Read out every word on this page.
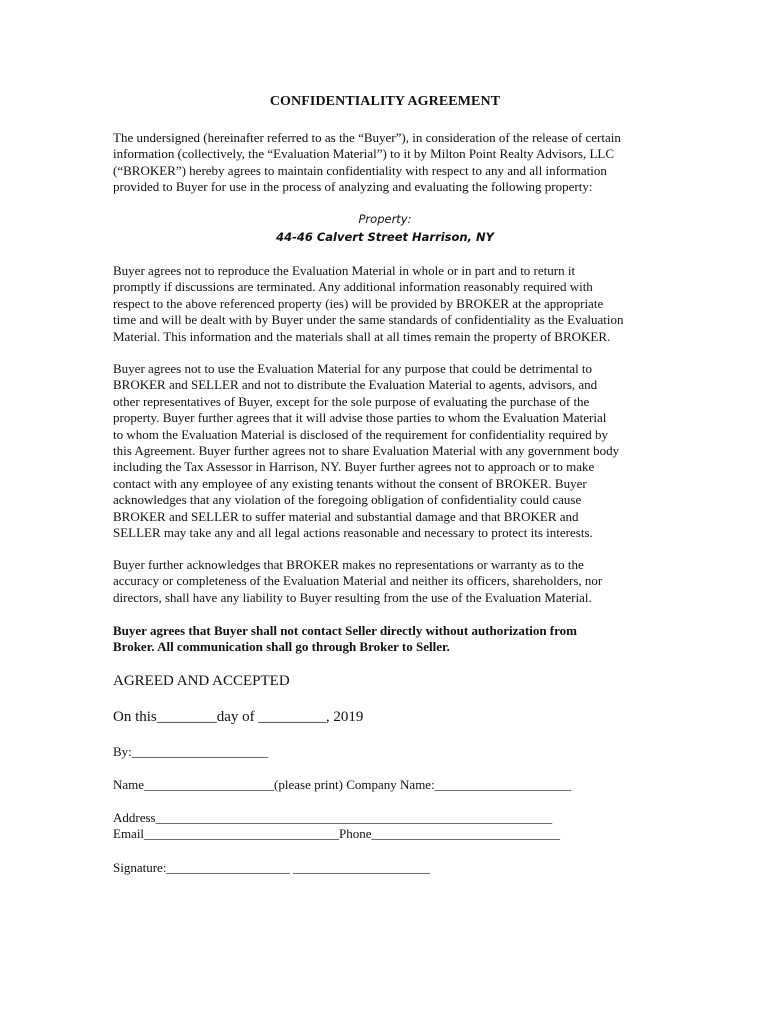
CONFIDENTIALITY AGREEMENT
The undersigned (hereinafter referred to as the “Buyer”), in consideration of the release of certain
information (collectively, the “Evaluation Material”) to it by Milton Point Realty Advisors, LLC
(“BROKER”) hereby agrees to maintain confidentiality with respect to any and all information
provided to Buyer for use in the process of analyzing and evaluating the following property:
Property:
44-46 Calvert Street Harrison, NY
Buyer agrees not to reproduce the Evaluation Material in whole or in part and to return it
promptly if discussions are terminated. Any additional information reasonably required with
respect to the above referenced property (ies) will be provided by BROKER at the appropriate
time and will be dealt with by Buyer under the same standards of confidentiality as the Evaluation
Material. This information and the materials shall at all times remain the property of BROKER.
Buyer agrees not to use the Evaluation Material for any purpose that could be detrimental to
BROKER and SELLER and not to distribute the Evaluation Material to agents, advisors, and
other representatives of Buyer, except for the sole purpose of evaluating the purchase of the
property. Buyer further agrees that it will advise those parties to whom the Evaluation Material
to whom the Evaluation Material is disclosed of the requirement for confidentiality required by
this Agreement. Buyer further agrees not to share Evaluation Material with any government body
including the Tax Assessor in Harrison, NY. Buyer further agrees not to approach or to make
contact with any employee of any existing tenants without the consent of BROKER. Buyer
acknowledges that any violation of the foregoing obligation of confidentiality could cause
BROKER and SELLER to suffer material and substantial damage and that BROKER and
SELLER may take any and all legal actions reasonable and necessary to protect its interests.
Buyer further acknowledges that BROKER makes no representations or warranty as to the
accuracy or completeness of the Evaluation Material and neither its officers, shareholders, nor
directors, shall have any liability to Buyer resulting from the use of the Evaluation Material.
Buyer agrees that Buyer shall not contact Seller directly without authorization from
Broker. All communication shall go through Broker to Seller.
AGREED AND ACCEPTED
On this________day of _________, 2019
By:_____________________
Name____________________(please print) Company Name:_____________________
Address_____________________________________________________________
Email______________________________Phone_____________________________
Signature:___________________ _____________________
